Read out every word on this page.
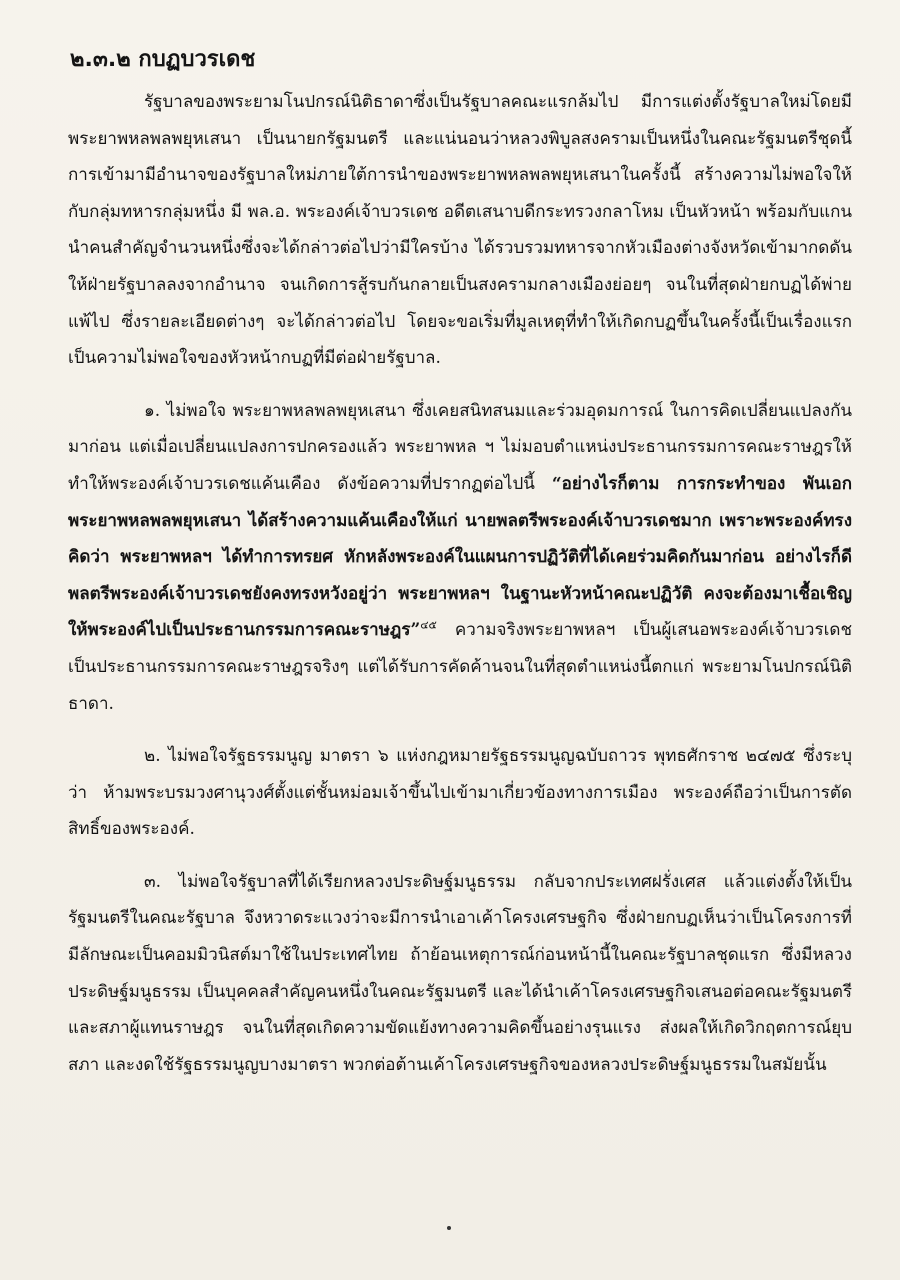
๒.๓.๒ กบฏบวรเดช

รัฐบาลของพระยามโนปกรณ์นิติธาดาซึ่งเป็นรัฐบาลคณะแรกล้มไป มีการแต่งตั้งรัฐบาลใหม่โดยมีพระยาพหลพลพยุหเสนา เป็นนายกรัฐมนตรี และแน่นอนว่าหลวงพิบูลสงครามเป็นหนึ่งในคณะรัฐมนตรีชุดนี้ การเข้ามามีอำนาจของรัฐบาลใหม่ภายใต้การนำของพระยาพหลพลพยุหเสนาในครั้งนี้ สร้างความไม่พอใจให้กับกลุ่มทหารกลุ่มหนึ่ง มี พล.อ. พระองค์เจ้าบวรเดช อดีตเสนาบดีกระทรวงกลาโหม เป็นหัวหน้า พร้อมกับแกนนำคนสำคัญจำนวนหนึ่งซึ่งจะได้กล่าวต่อไปว่ามีใครบ้าง ได้รวบรวมทหารจากหัวเมืองต่างจังหวัดเข้ามากดดันให้ฝ่ายรัฐบาลลงจากอำนาจ จนเกิดการสู้รบกันกลายเป็นสงครามกลางเมืองย่อยๆ จนในที่สุดฝ่ายกบฏได้พ่ายแพ้ไป ซึ่งรายละเอียดต่างๆ จะได้กล่าวต่อไป โดยจะขอเริ่มที่มูลเหตุที่ทำให้เกิดกบฏขึ้นในครั้งนี้เป็นเรื่องแรก เป็นความไม่พอใจของหัวหน้ากบฏที่มีต่อฝ่ายรัฐบาล.

๑. ไม่พอใจ พระยาพหลพลพยุหเสนา ซึ่งเคยสนิทสนมและร่วมอุดมการณ์ ในการคิดเปลี่ยนแปลงกันมาก่อน แต่เมื่อเปลี่ยนแปลงการปกครองแล้ว พระยาพหล ฯ ไม่มอบตำแหน่งประธานกรรมการคณะราษฎรให้ ทำให้พระองค์เจ้าบวรเดชแค้นเคือง ดังข้อความที่ปรากฏต่อไปนี้ “อย่างไรก็ตาม การกระทำของ พันเอก พระยาพหลพลพยุหเสนา ได้สร้างความแค้นเคืองให้แก่ นายพลตรีพระองค์เจ้าบวรเดชมาก เพราะพระองค์ทรงคิดว่า พระยาพหลฯ ได้ทำการทรยศ หักหลังพระองค์ในแผนการปฏิวัติที่ได้เคยร่วมคิดกันมาก่อน อย่างไรก็ดี พลตรีพระองค์เจ้าบวรเดชยังคงทรงหวังอยู่ว่า พระยาพหลฯ ในฐานะหัวหน้าคณะปฏิวัติ คงจะต้องมาเชื้อเชิญให้พระองค์ไปเป็นประธานกรรมการคณะราษฎร”$^{๔๕}$ ความจริงพระยาพหลฯ เป็นผู้เสนอพระองค์เจ้าบวรเดชเป็นประธานกรรมการคณะราษฎรจริงๆ แต่ได้รับการคัดค้านจนในที่สุดตำแหน่งนี้ตกแก่ พระยามโนปกรณ์นิติธาดา.

๒. ไม่พอใจรัฐธรรมนูญ มาตรา ๖ แห่งกฎหมายรัฐธรรมนูญฉบับถาวร พุทธศักราช ๒๔๗๕ ซึ่งระบุว่า ห้ามพระบรมวงศานุวงศ์ตั้งแต่ชั้นหม่อมเจ้าขึ้นไปเข้ามาเกี่ยวข้องทางการเมือง พระองค์ถือว่าเป็นการตัดสิทธิ์ของพระองค์.

๓. ไม่พอใจรัฐบาลที่ได้เรียกหลวงประดิษฐ์มนูธรรม กลับจากประเทศฝรั่งเศส แล้วแต่งตั้งให้เป็นรัฐมนตรีในคณะรัฐบาล จึงหวาดระแวงว่าจะมีการนำเอาเค้าโครงเศรษฐกิจ ซึ่งฝ่ายกบฏเห็นว่าเป็นโครงการที่มีลักษณะเป็นคอมมิวนิสต์มาใช้ในประเทศไทย ถ้าย้อนเหตุการณ์ก่อนหน้านี้ในคณะรัฐบาลชุดแรก ซึ่งมีหลวงประดิษฐ์มนูธรรม เป็นบุคคลสำคัญคนหนึ่งในคณะรัฐมนตรี และได้นำเค้าโครงเศรษฐกิจเสนอต่อคณะรัฐมนตรี และสภาผู้แทนราษฎร จนในที่สุดเกิดความขัดแย้งทางความคิดขึ้นอย่างรุนแรง ส่งผลให้เกิดวิกฤตการณ์ยุบสภา และงดใช้รัฐธรรมนูญบางมาตรา พวกต่อต้านเค้าโครงเศรษฐกิจของหลวงประดิษฐ์มนูธรรมในสมัยนั้น
